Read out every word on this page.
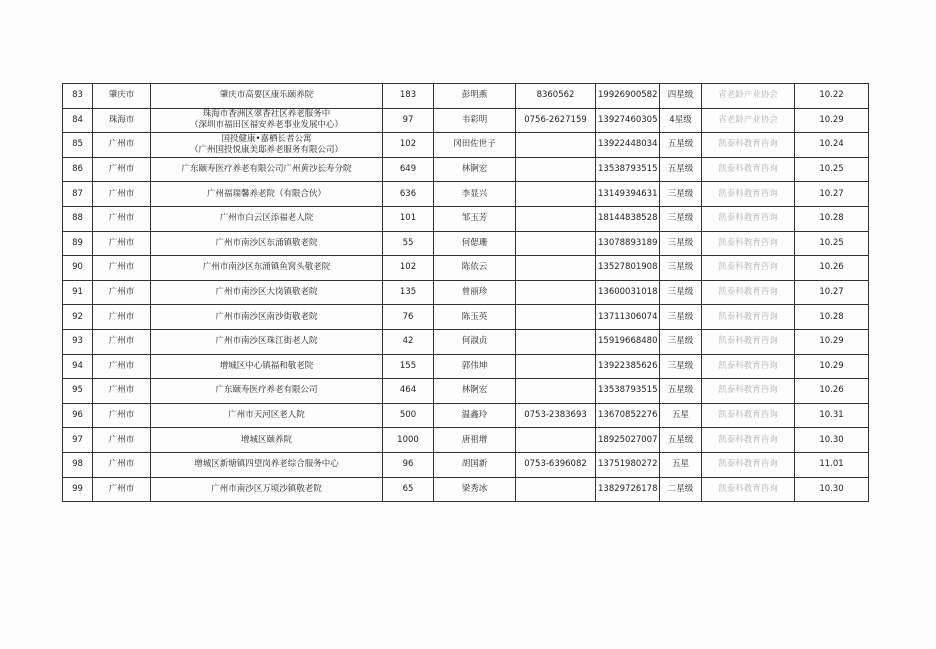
83	肇庆市	肇庆市高要区康乐颐养院	183	彭明燕	8360562	19926900582	四星级	省老龄产业协会	10.22
84	珠海市	珠海市香洲区翠香社区养老服务中
（深圳市福田区福安养老事业发展中心）	97	韦彩明	0756-2627159	13927460305	4星级	省老龄产业协会	10.29
85	广州市	国投健康•嘉栖长者公寓
（广州国投悦康美邸养老服务有限公司）	102	冈田佐世子		13922448034	五星级	凯泰科教育咨询	10.24
86	广州市	广东颐寿医疗养老有限公司广州黄沙长寿分院	649	林锕宏		13538793515	五星级	凯泰科教育咨询	10.25
87	广州市	广州福瑞馨养老院（有限合伙）	636	李显兴		13149394631	三星级	凯泰科教育咨询	10.27
88	广州市	广州市白云区添福老人院	101	邹玉芳		18144838528	三星级	凯泰科教育咨询	10.28
89	广州市	广州市南沙区东涌镇敬老院	55	何偲珊		13078893189	三星级	凯泰科教育咨询	10.25
90	广州市	广州市南沙区东涌镇鱼窝头敬老院	102	陈依云		13527801908	三星级	凯泰科教育咨询	10.26
91	广州市	广州市南沙区大岗镇敬老院	135	曾丽珍		13600031018	三星级	凯泰科教育咨询	10.27
92	广州市	广州市南沙区南沙街敬老院	76	陈玉英		13711306074	三星级	凯泰科教育咨询	10.28
93	广州市	广州市南沙区珠江街老人院	42	何淑贞		15919668480	三星级	凯泰科教育咨询	10.29
94	广州市	增城区中心镇福和敬老院	155	郭伟坤		13922385626	三星级	凯泰科教育咨询	10.29
95	广州市	广东颐寿医疗养老有限公司	464	林锕宏		13538793515	五星级	凯泰科教育咨询	10.26
96	广州市	广州市天河区老人院	500	温鑫玲	0753-2383693	13670852276	五星	凯泰科教育咨询	10.31
97	广州市	增城区颐养院	1000	唐祖增		18925027007	五星级	凯泰科教育咨询	10.30
98	广州市	增城区新塘镇四望岗养老综合服务中心	96	胡国新	0753-6396082	13751980272	五星	凯泰科教育咨询	11.01
99	广州市	广州市南沙区万顷沙镇敬老院	65	梁秀冰		13829726178	二星级	凯泰科教育咨询	10.30
